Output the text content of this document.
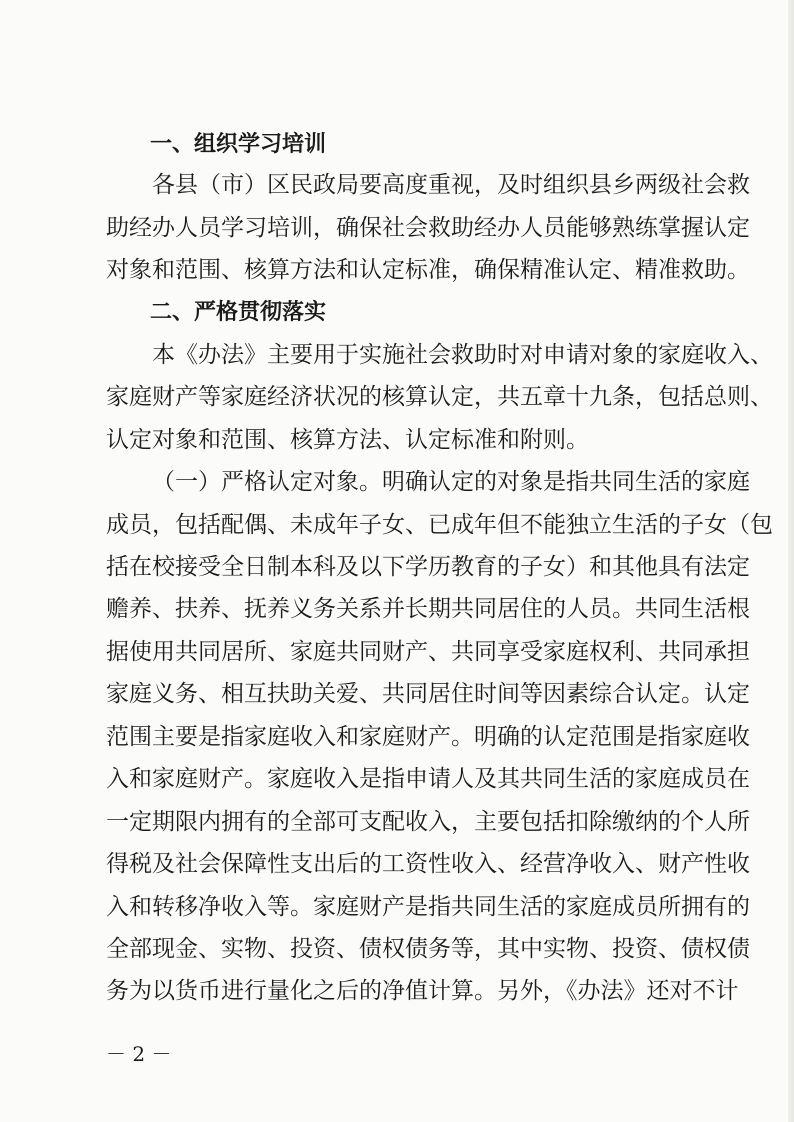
一、组织学习培训
各县（市）区民政局要高度重视，及时组织县乡两级社会救
助经办人员学习培训，确保社会救助经办人员能够熟练掌握认定
对象和范围、核算方法和认定标准，确保精准认定、精准救助。
二、严格贯彻落实
本《办法》主要用于实施社会救助时对申请对象的家庭收入、
家庭财产等家庭经济状况的核算认定，共五章十九条，包括总则、
认定对象和范围、核算方法、认定标准和附则。
（一）严格认定对象。明确认定的对象是指共同生活的家庭
成员，包括配偶、未成年子女、已成年但不能独立生活的子女（包
括在校接受全日制本科及以下学历教育的子女）和其他具有法定
赡养、扶养、抚养义务关系并长期共同居住的人员。共同生活根
据使用共同居所、家庭共同财产、共同享受家庭权利、共同承担
家庭义务、相互扶助关爱、共同居住时间等因素综合认定。认定
范围主要是指家庭收入和家庭财产。明确的认定范围是指家庭收
入和家庭财产。家庭收入是指申请人及其共同生活的家庭成员在
一定期限内拥有的全部可支配收入，主要包括扣除缴纳的个人所
得税及社会保障性支出后的工资性收入、经营净收入、财产性收
入和转移净收入等。家庭财产是指共同生活的家庭成员所拥有的
全部现金、实物、投资、债权债务等，其中实物、投资、债权债
务为以货币进行量化之后的净值计算。另外，《办法》还对不计
－ 2 －
